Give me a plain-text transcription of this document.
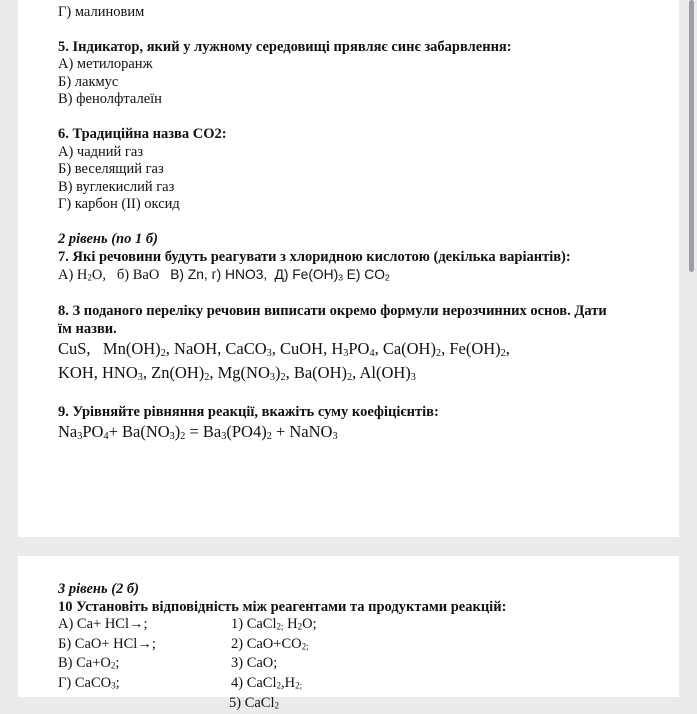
Г) малиновим
5. Індикатор, який у лужному середовищі прявляє синє забарвлення:
А) метилоранж
Б) лакмус
В) фенолфталеїн
6. Традиційна назва СО2:
А) чадний газ
Б) веселящий газ
В) вуглекислий газ
Г) карбон (ІІ) оксид
2 рівень (по 1 б)
7. Які речовини будуть реагувати з хлоридною кислотою (декілька варіантів):
А) $H_2O$, б) BaO В) Zn, г) HNO3, Д) $Fe(OH)_3$ Е) $CO_2$
8. З поданого переліку речовин виписати окремо формули нерозчинних основ. Дати
їм назви.
CuS,   $Mn(OH)_2$, NaOH, CaCO$_3$, CuOH, $H_3PO_4$, $Ca(OH)_2$, $Fe(OH)_2$,
KOH, $HNO_3$, $Zn(OH)_2$, $Mg(NO_3)_2$, $Ba(OH)_2$, $Al(OH)_3$
9. Урівняйте рівняння реакції, вкажіть суму коефіцієнтів:
$Na_3PO_4+ Ba(NO_3)_2 = Ba_3(PO4)_2$ + NaNO$_3$
3 рівень (2 б)
10 Установіть відповідність між реагентами та продуктами реакцій:
А) Ca+ HCl→;	1) CaCl$_{2;}$ $H_2O$;
Б) CaO+ HCl→;	2) $CaO+CO_{2;}$
В) $Ca+O_2$;	3) CaO;
Г) CaCO$_3$;	4) $CaCl_2,H_{2;}$
5) CaCl$_2$
